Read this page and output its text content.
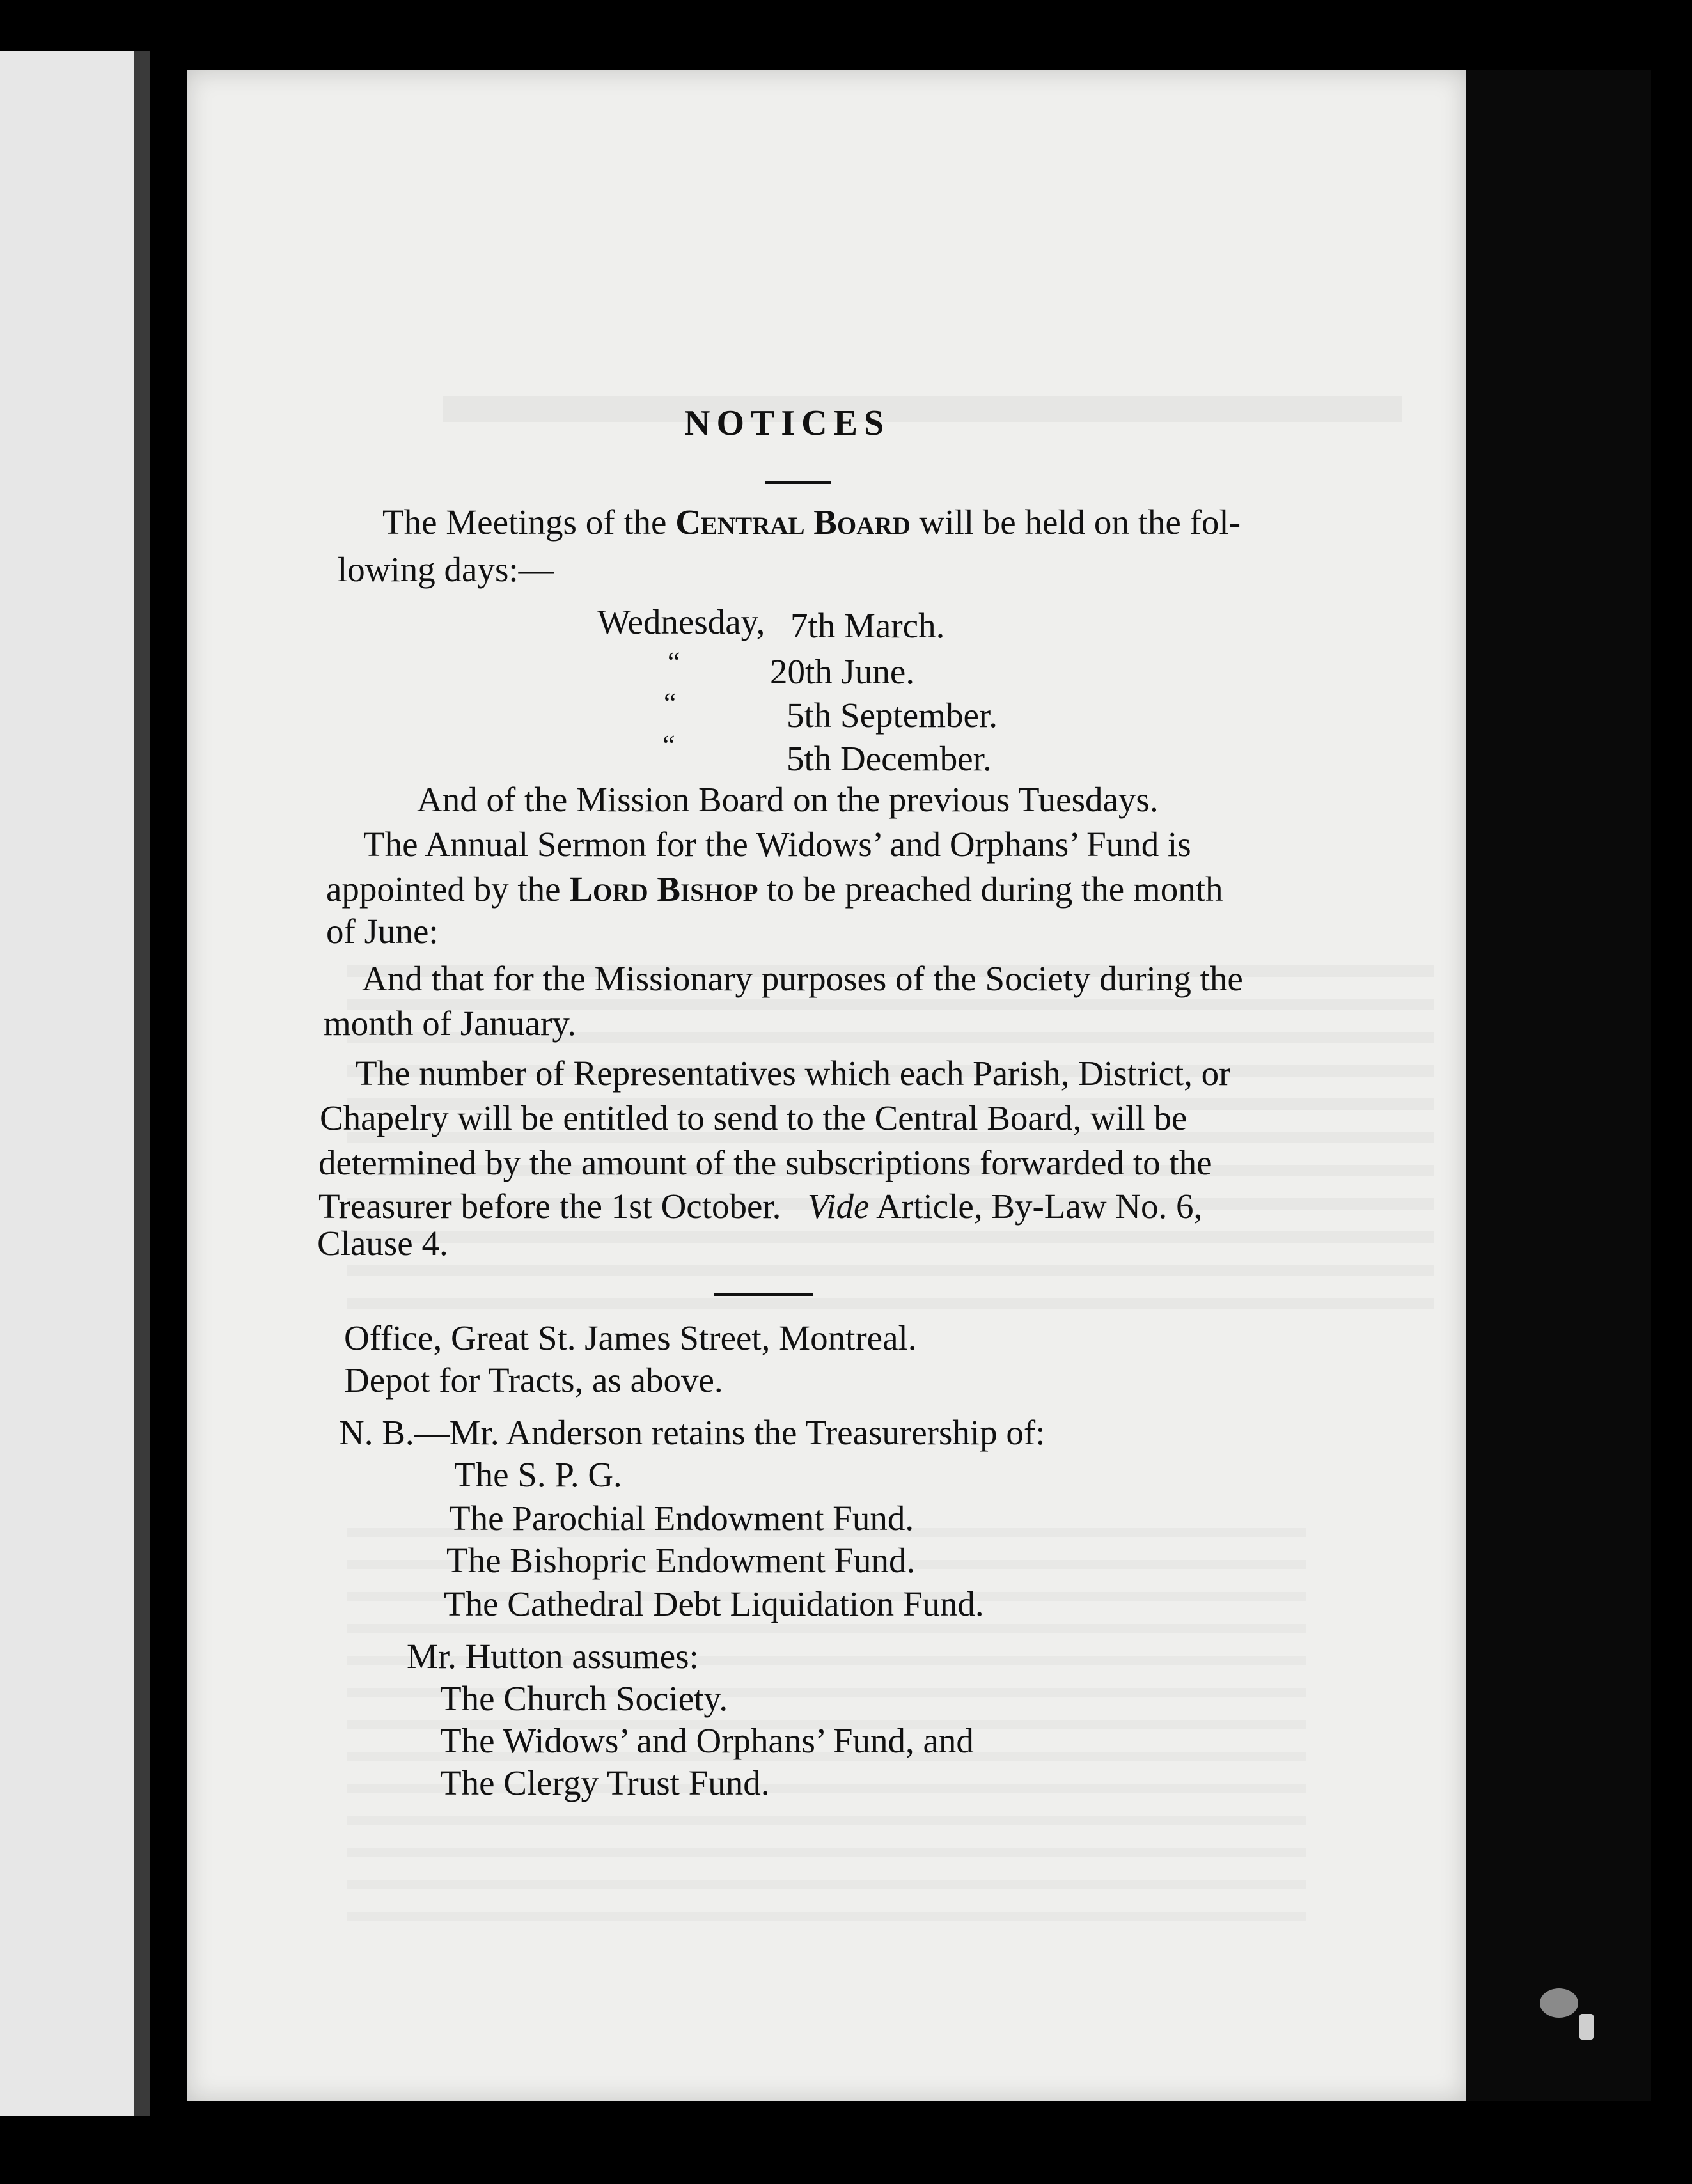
NOTICES
The Meetings of the Central Board will be held on the fol-
lowing days:—
Wednesday, 7th March.
“	20th June.
“	5th September.
“	5th December.
And of the Mission Board on the previous Tuesdays.
The Annual Sermon for the Widows’ and Orphans’ Fund is
appointed by the Lord Bishop to be preached during the month
of June:
And that for the Missionary purposes of the Society during the
month of January.
The number of Representatives which each Parish, District, or
Chapelry will be entitled to send to the Central Board, will be
determined by the amount of the subscriptions forwarded to the
Treasurer before the 1st October. Vide Article, By-Law No. 6,
Clause 4.
Office, Great St. James Street, Montreal.
Depot for Tracts, as above.
N. B.—Mr. Anderson retains the Treasurership of:
The S. P. G.
The Parochial Endowment Fund.
The Bishopric Endowment Fund.
The Cathedral Debt Liquidation Fund.
Mr. Hutton assumes:
The Church Society.
The Widows’ and Orphans’ Fund, and
The Clergy Trust Fund.
